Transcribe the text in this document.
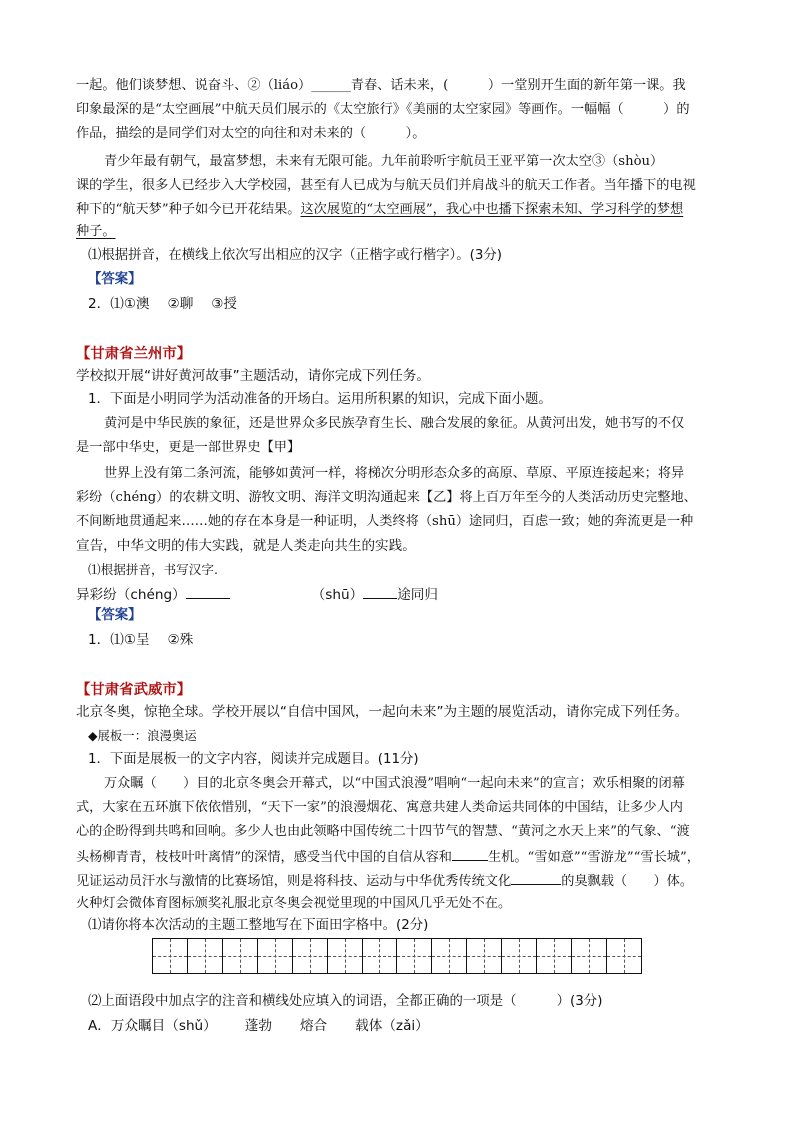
一起。他们谈梦想、说奋斗、②（liáo）______青春、话未来，(　　　）一堂别开生面的新年第一课。我
印象最深的是“太空画展”中航天员们展示的《太空旅行》《美丽的太空家园》等画作。一幅幅（　　　）的
作品，描绘的是同学们对太空的向往和对未来的（　　　）。
青少年最有朝气，最富梦想，未来有无限可能。九年前聆听宇航员王亚平第一次太空③（shòu）
课的学生，很多人已经步入大学校园，甚至有人已成为与航天员们并肩战斗的航天工作者。当年播下的电视
种下的“航天梦”种子如今已开花结果。这次展览的“太空画展”，我心中也播下探索未知、学习科学的梦想
种子。
⑴根据拼音，在横线上依次写出相应的汉字（正楷字或行楷字）。(3分)
【答案】
2．⑴①澳　 ②聊　 ③授
【甘肃省兰州市】
学校拟开展“讲好黄河故事”主题活动，请你完成下列任务。
1．下面是小明同学为活动准备的开场白。运用所积累的知识，完成下面小题。
黄河是中华民族的象征，还是世界众多民族孕育生长、融合发展的象征。从黄河出发，她书写的不仅
是一部中华史，更是一部世界史【甲】
世界上没有第二条河流，能够如黄河一样，将梯次分明形态众多的高原、草原、平原连接起来；将异
彩纷（chéng）的农耕文明、游牧文明、海洋文明沟通起来【乙】将上百万年至今的人类活动历史完整地、
不间断地贯通起来……她的存在本身是一种证明，人类终将（shū）途同归，百虑一致；她的奔流更是一种
宣告，中华文明的伟大实践，就是人类走向共生的实践。
⑴根据拼音，书写汉字.
异彩纷（chéng）	（shū）	途同归
【答案】
1．⑴①呈　 ②殊
【甘肃省武威市】
北京冬奥，惊艳全球。学校开展以“自信中国风，一起向未来”为主题的展览活动，请你完成下列任务。
◆展板一：浪漫奥运
1．下面是展板一的文字内容，阅读并完成题目。(11分)
万众瞩（　　）目的北京冬奥会开幕式，以“中国式浪漫”唱响“一起向未来”的宣言；欢乐相聚的闭幕
式，大家在五环旗下依依惜别，“天下一家”的浪漫烟花、寓意共建人类命运共同体的中国结，让多少人内
心的企盼得到共鸣和回响。多少人也由此领略中国传统二十四节气的智慧、“黄河之水天上来”的气象、“渡
头杨柳青青，枝枝叶叶离情”的深情，感受当代中国的自信从容和	生机。“雪如意”“雪游龙”“雪长城”，
见证运动员汗水与激情的比赛场馆，则是将科技、运动与中华优秀传统文化	的臭飘载（　　）体。
火种灯会微体育图标颁奖礼服北京冬奥会视觉里现的中国风几乎无处不在。
⑴请你将本次活动的主题工整地写在下面田字格中。(2分)
⑵上面语段中加点字的注音和横线处应填入的词语，全都正确的一项是（　　　）(3分)
A．万众瞩目（shǔ） 蓬勃 熔合 载体（zǎi）
